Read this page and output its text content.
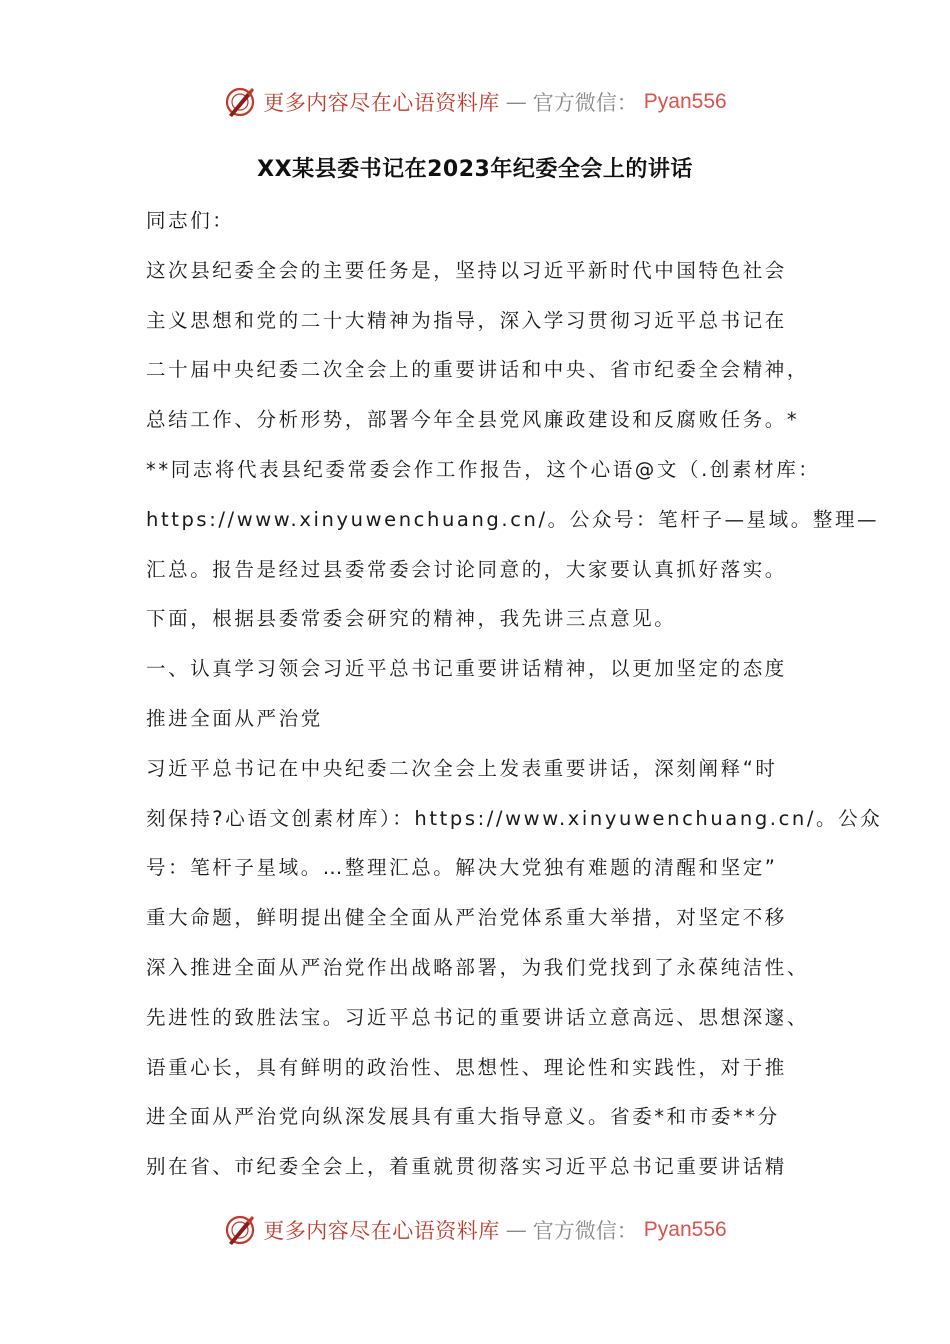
更多内容尽在心语资料库 — 官方微信： Pyan556
XX某县委书记在2023年纪委全会上的讲话
同志们：
这次县纪委全会的主要任务是，坚持以习近平新时代中国特色社会
主义思想和党的二十大精神为指导，深入学习贯彻习近平总书记在
二十届中央纪委二次全会上的重要讲话和中央、省市纪委全会精神，
总结工作、分析形势，部署今年全县党风廉政建设和反腐败任务。*
**同志将代表县纪委常委会作工作报告，这个心语@文（.创素材库：
https://www.xinyuwenchuang.cn/。公众号：笔杆子—星域。整理—
汇总。报告是经过县委常委会讨论同意的，大家要认真抓好落实。
下面，根据县委常委会研究的精神，我先讲三点意见。
一、认真学习领会习近平总书记重要讲话精神，以更加坚定的态度
推进全面从严治党
习近平总书记在中央纪委二次全会上发表重要讲话，深刻阐释“时
刻保持?心语文创素材库）：https://www.xinyuwenchuang.cn/。公众
号：笔杆子星域。…整理汇总。解决大党独有难题的清醒和坚定”
重大命题，鲜明提出健全全面从严治党体系重大举措，对坚定不移
深入推进全面从严治党作出战略部署，为我们党找到了永葆纯洁性、
先进性的致胜法宝。习近平总书记的重要讲话立意高远、思想深邃、
语重心长，具有鲜明的政治性、思想性、理论性和实践性，对于推
进全面从严治党向纵深发展具有重大指导意义。省委*和市委**分
别在省、市纪委全会上，着重就贯彻落实习近平总书记重要讲话精
更多内容尽在心语资料库 — 官方微信： Pyan556
